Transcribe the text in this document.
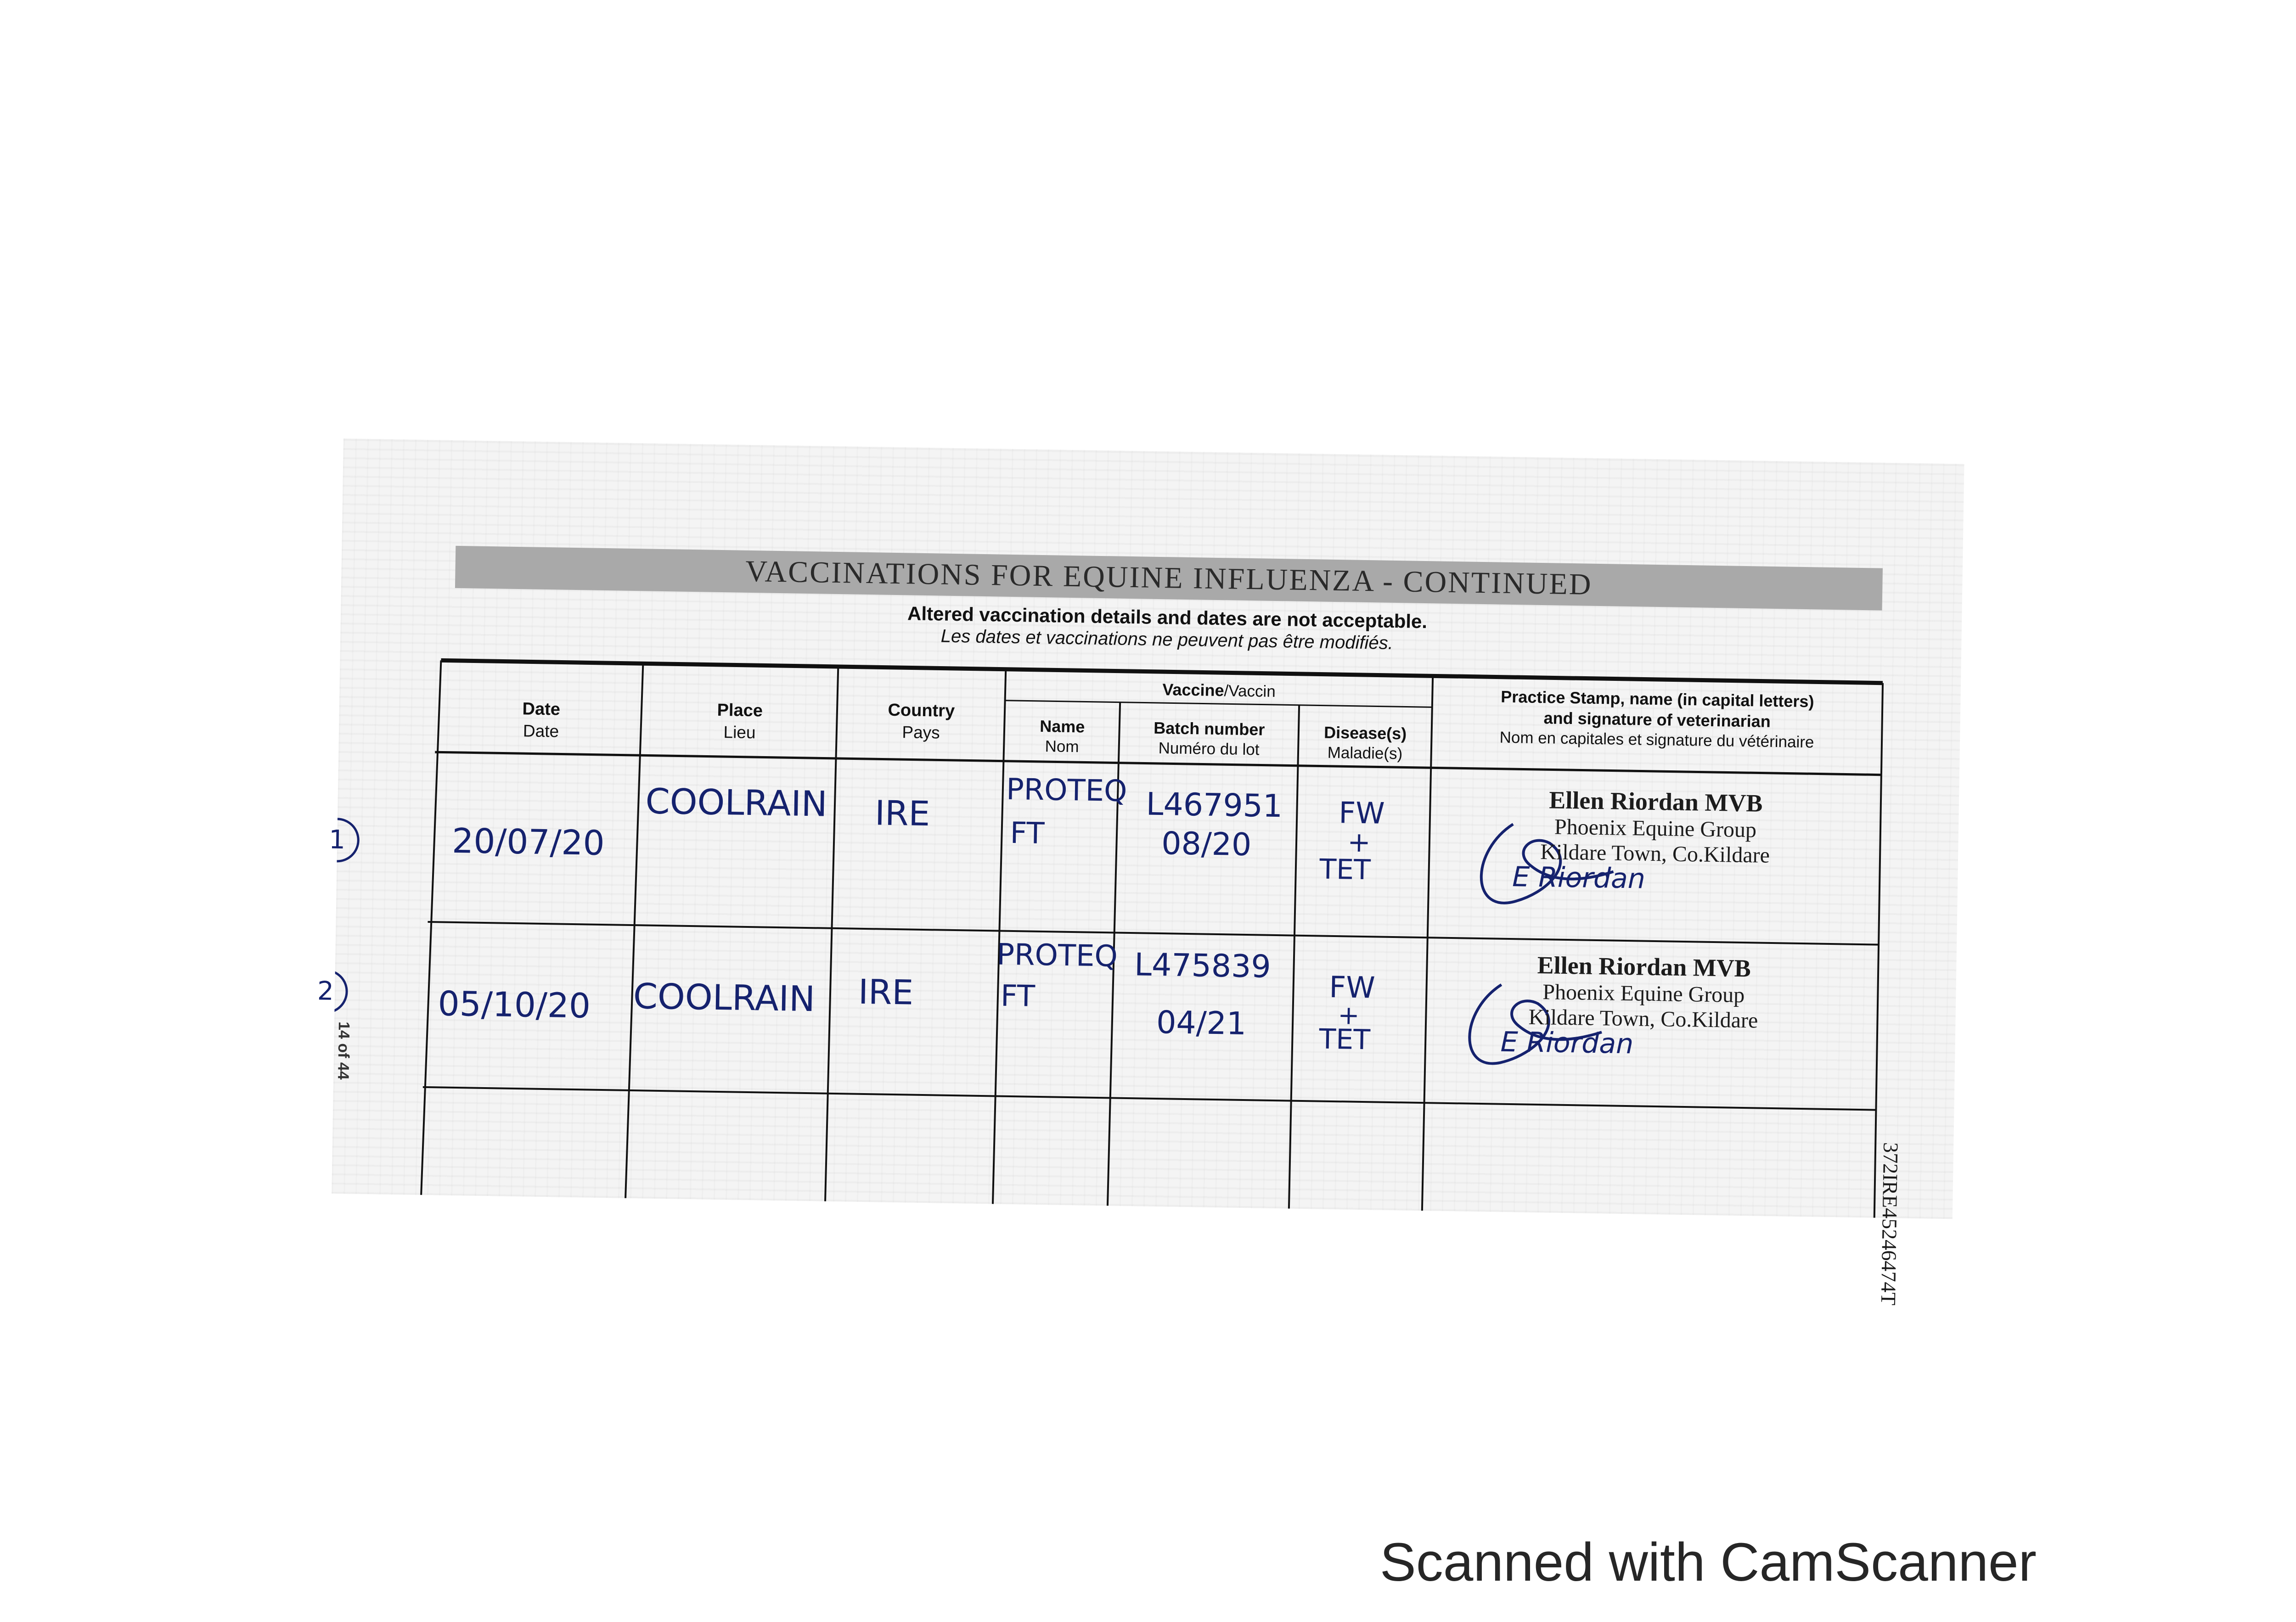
VACCINATIONS FOR EQUINE INFLUENZA - CONTINUED
Altered vaccination details and dates are not acceptable.
Les dates et vaccinations ne peuvent pas être modifiés.
Date
Date
Place
Lieu
Country
Pays
Vaccine/Vaccin
Name
Nom
Batch number
Numéro du lot
Disease(s)
Maladie(s)
Practice Stamp, name (in capital letters)
and signature of veterinarian
Nom en capitales et signature du vétérinaire
1	20/07/20
COOLRAIN IRE
PROTEQ
FT
L467951
08/20
FW
+
TET
Ellen Riordan MVB
Phoenix Equine Group
Kildare Town, Co.Kildare
E Riordan
2	05/10/20 COOLRAIN IRE
PROTEQ
FT
L475839
04/21
FW
+
TET
Ellen Riordan MVB
Phoenix Equine Group
Kildare Town, Co.Kildare
E Riordan
372IRE45246474T
14 of 44
Scanned with CamScanner
